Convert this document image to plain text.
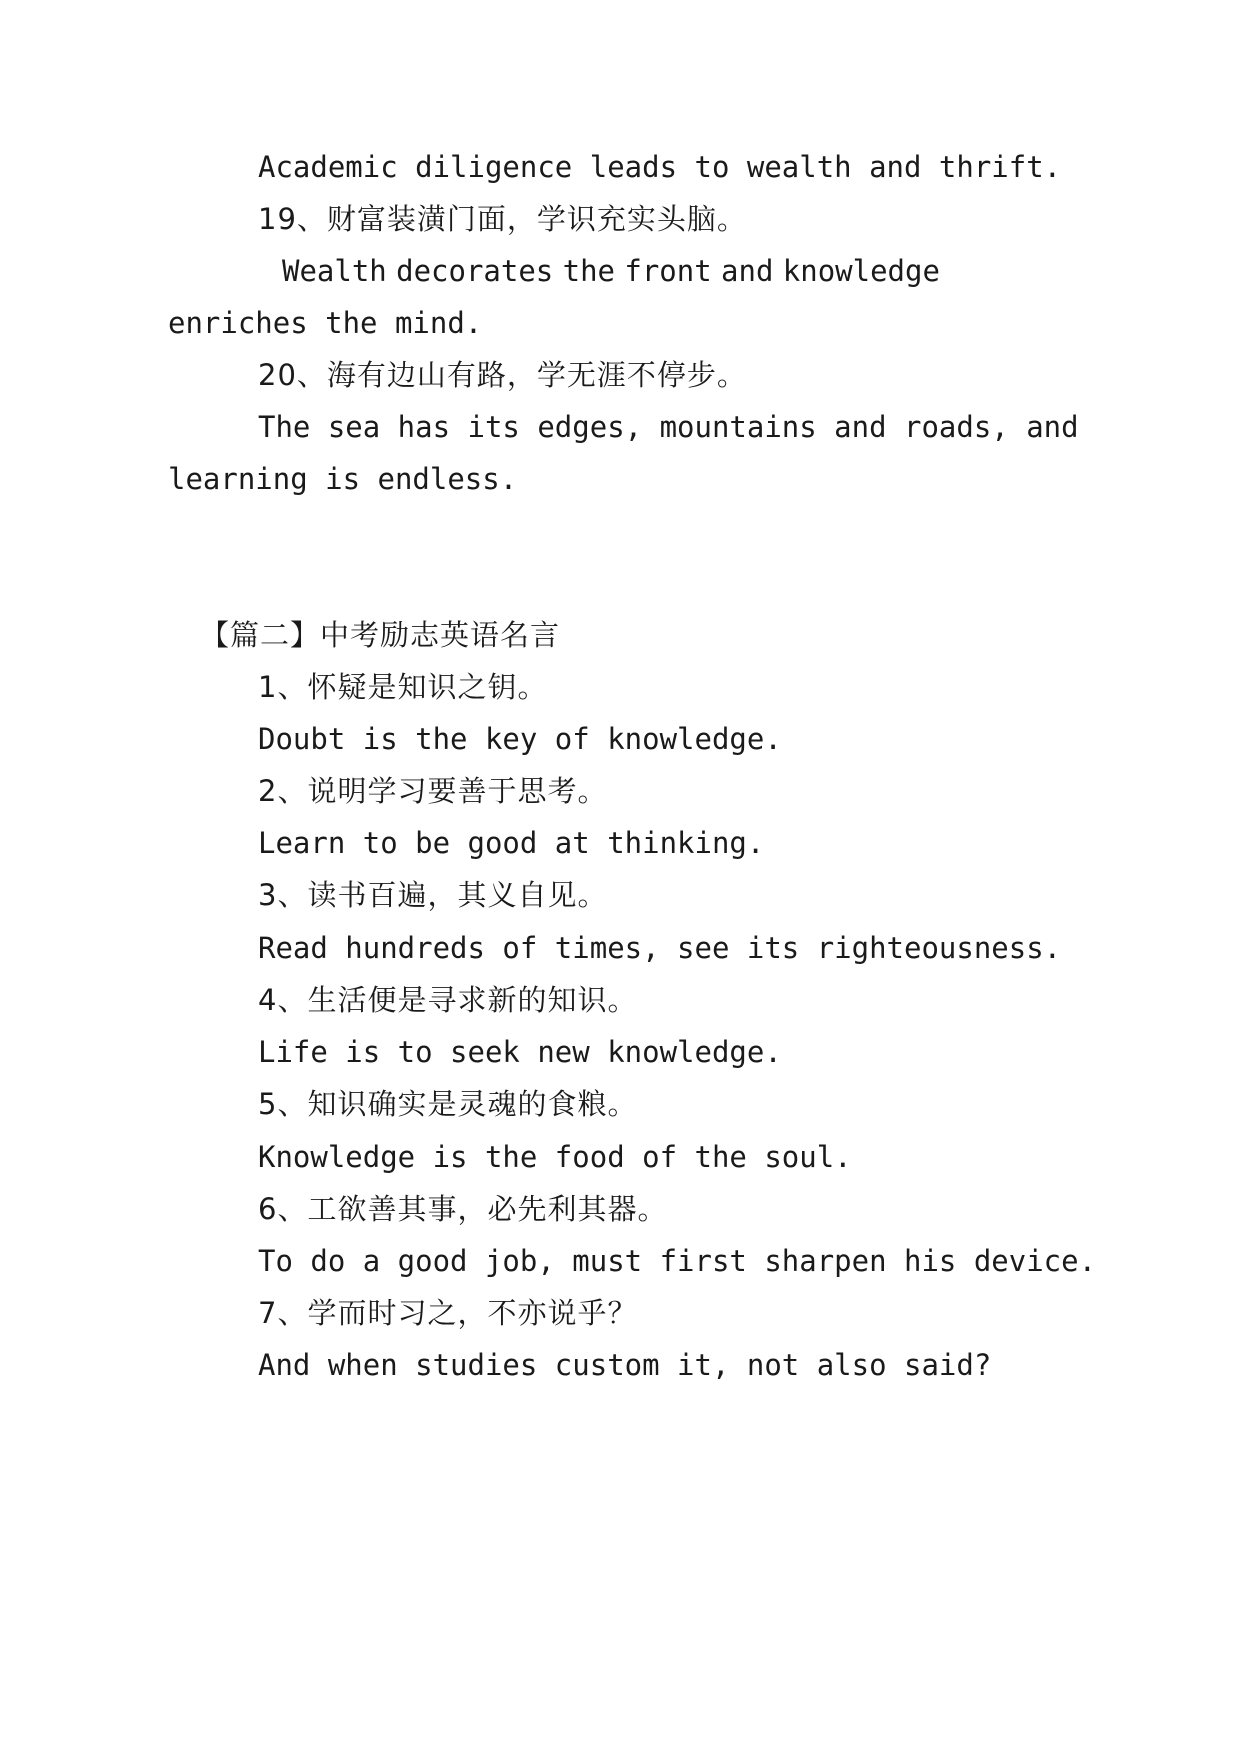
Academic diligence leads to wealth and thrift.
19、财富装潢门面，学识充实头脑。
Wealth decorates the front and knowledge
enriches the mind.
20、海有边山有路，学无涯不停步。
The sea has its edges, mountains and roads, and
learning is endless.
【篇二】中考励志英语名言
1、怀疑是知识之钥。
Doubt is the key of knowledge.
2、说明学习要善于思考。
Learn to be good at thinking.
3、读书百遍，其义自见。
Read hundreds of times, see its righteousness.
4、生活便是寻求新的知识。
Life is to seek new knowledge.
5、知识确实是灵魂的食粮。
Knowledge is the food of the soul.
6、工欲善其事，必先利其器。
To do a good job, must first sharpen his device.
7、学而时习之，不亦说乎？
And when studies custom it, not also said?
